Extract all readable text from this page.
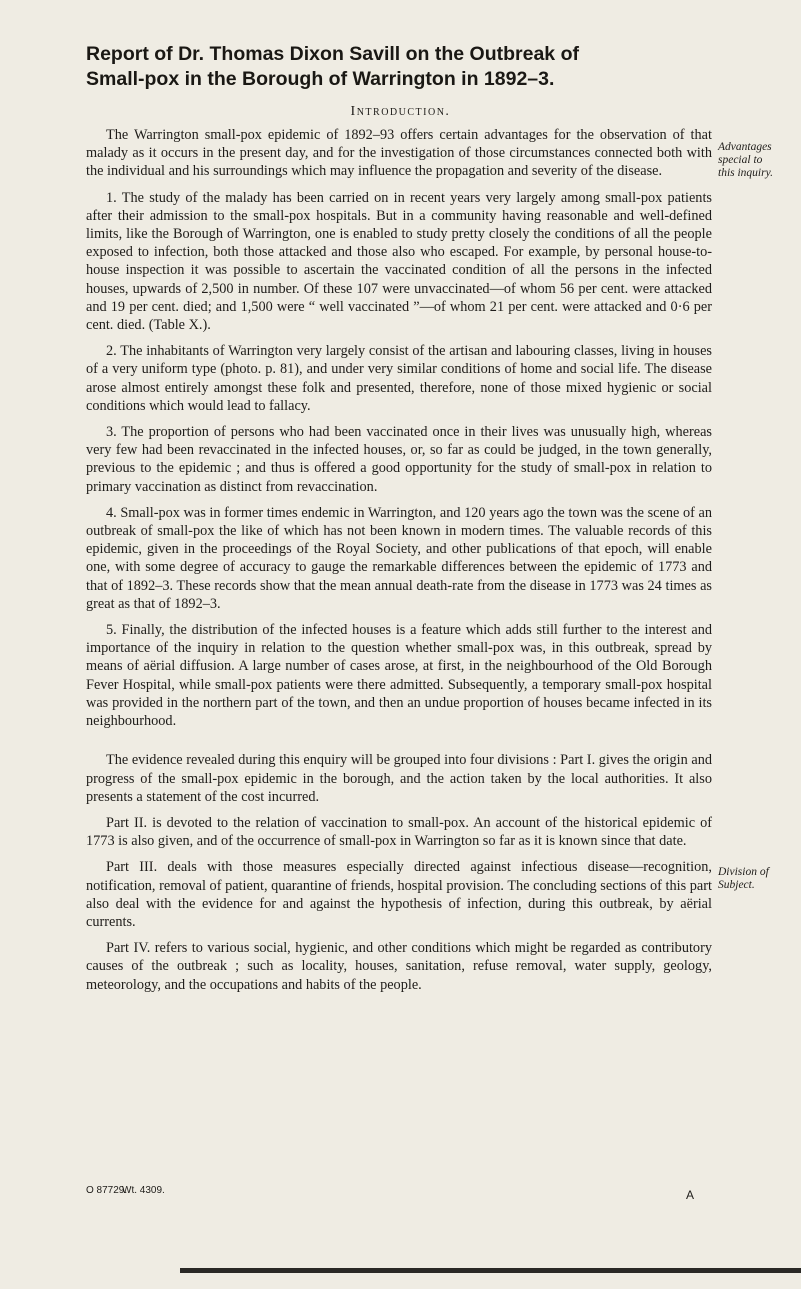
Report of Dr. Thomas Dixon Savill on the Outbreak of
Small-pox in the Borough of Warrington in 1892–3.
Introduction.

The Warrington small-pox epidemic of 1892–93 offers certain advantages for the observation of that malady as it occurs in the present day, and for the investigation of those circumstances connected both with the individual and his surroundings which may influence the propagation and severity of the disease.

1. The study of the malady has been carried on in recent years very largely among small-pox patients after their admission to the small-pox hospitals. But in a community having reasonable and well-defined limits, like the Borough of Warrington, one is enabled to study pretty closely the conditions of all the people exposed to infection, both those attacked and those also who escaped. For example, by personal house-to-house inspection it was possible to ascertain the vaccinated condition of all the persons in the infected houses, upwards of 2,500 in number. Of these 107 were unvaccinated—of whom 56 per cent. were attacked and 19 per cent. died; and 1,500 were “ well vaccinated ”—of whom 21 per cent. were attacked and 0·6 per cent. died. (Table X.).

2. The inhabitants of Warrington very largely consist of the artisan and labouring classes, living in houses of a very uniform type (photo. p. 81), and under very similar conditions of home and social life. The disease arose almost entirely amongst these folk and presented, therefore, none of those mixed hygienic or social conditions which would lead to fallacy.

3. The proportion of persons who had been vaccinated once in their lives was unusually high, whereas very few had been revaccinated in the infected houses, or, so far as could be judged, in the town generally, previous to the epidemic ; and thus is offered a good opportunity for the study of small-pox in relation to primary vaccination as distinct from revaccination.

4. Small-pox was in former times endemic in Warrington, and 120 years ago the town was the scene of an outbreak of small-pox the like of which has not been known in modern times. The valuable records of this epidemic, given in the proceedings of the Royal Society, and other publications of that epoch, will enable one, with some degree of accuracy to gauge the remarkable differences between the epidemic of 1773 and that of 1892–3. These records show that the mean annual death-rate from the disease in 1773 was 24 times as great as that of 1892–3.

5. Finally, the distribution of the infected houses is a feature which adds still further to the interest and importance of the inquiry in relation to the question whether small-pox was, in this outbreak, spread by means of aërial diffusion. A large number of cases arose, at first, in the neighbourhood of the Old Borough Fever Hospital, while small-pox patients were there admitted. Subsequently, a temporary small-pox hospital was provided in the northern part of the town, and then an undue proportion of houses became infected in its neighbourhood.

The evidence revealed during this enquiry will be grouped into four divisions : Part I. gives the origin and progress of the small-pox epidemic in the borough, and the action taken by the local authorities. It also presents a statement of the cost incurred.

Part II. is devoted to the relation of vaccination to small-pox. An account of the historical epidemic of 1773 is also given, and of the occurrence of small-pox in Warrington so far as it is known since that date.

Part III. deals with those measures especially directed against infectious disease—recognition, notification, removal of patient, quarantine of friends, hospital provision. The concluding sections of this part also deal with the evidence for and against the hypothesis of infection, during this outbreak, by aërial currents.

Part IV. refers to various social, hygienic, and other conditions which might be regarded as contributory causes of the outbreak ; such as locality, houses, sanitation, refuse removal, water supply, geology, meteorology, and the occupations and habits of the people.

Advantages
special to
this inquiry.
Division of
Subject.
O 87729.
Wt. 4309.	A
